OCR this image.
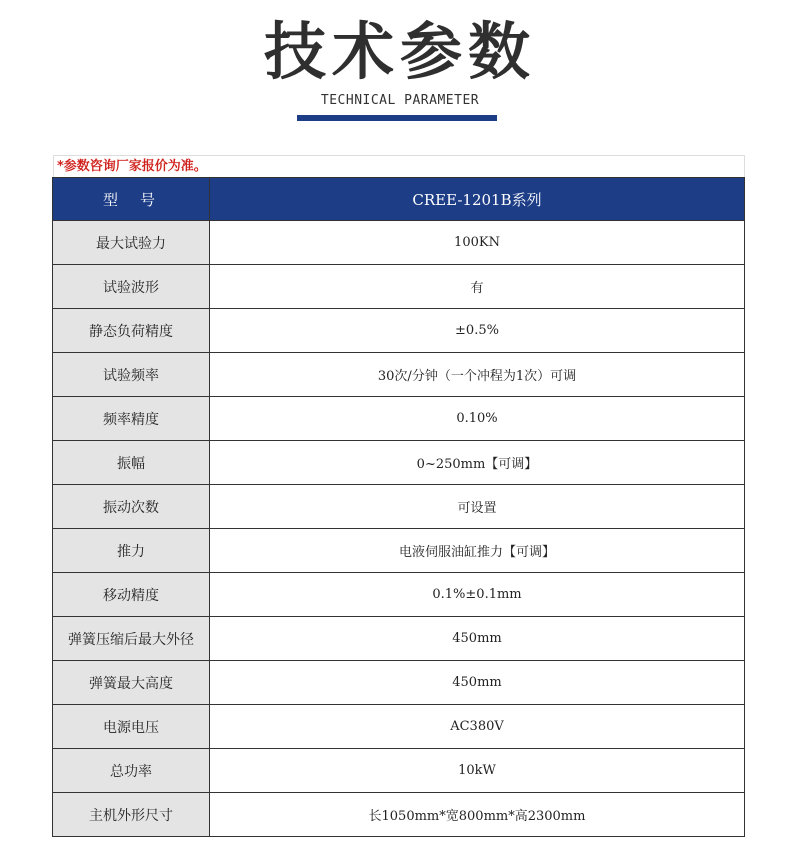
技术参数
TECHNICAL PARAMETER
*参数咨询厂家报价为准。
型号	CREE-1201B系列
最大试验力	100KN
试验波形	有
静态负荷精度	±0.5%
试验频率	30次/分钟（一个冲程为1次）可调
频率精度	0.10%
振幅	0~250mm【可调】
振动次数	可设置
推力	电液伺服油缸推力【可调】
移动精度	0.1%±0.1mm
弹簧压缩后最大外径	450mm
弹簧最大高度	450mm
电源电压	AC380V
总功率	10kW
主机外形尺寸	长1050mm*宽800mm*高2300mm
